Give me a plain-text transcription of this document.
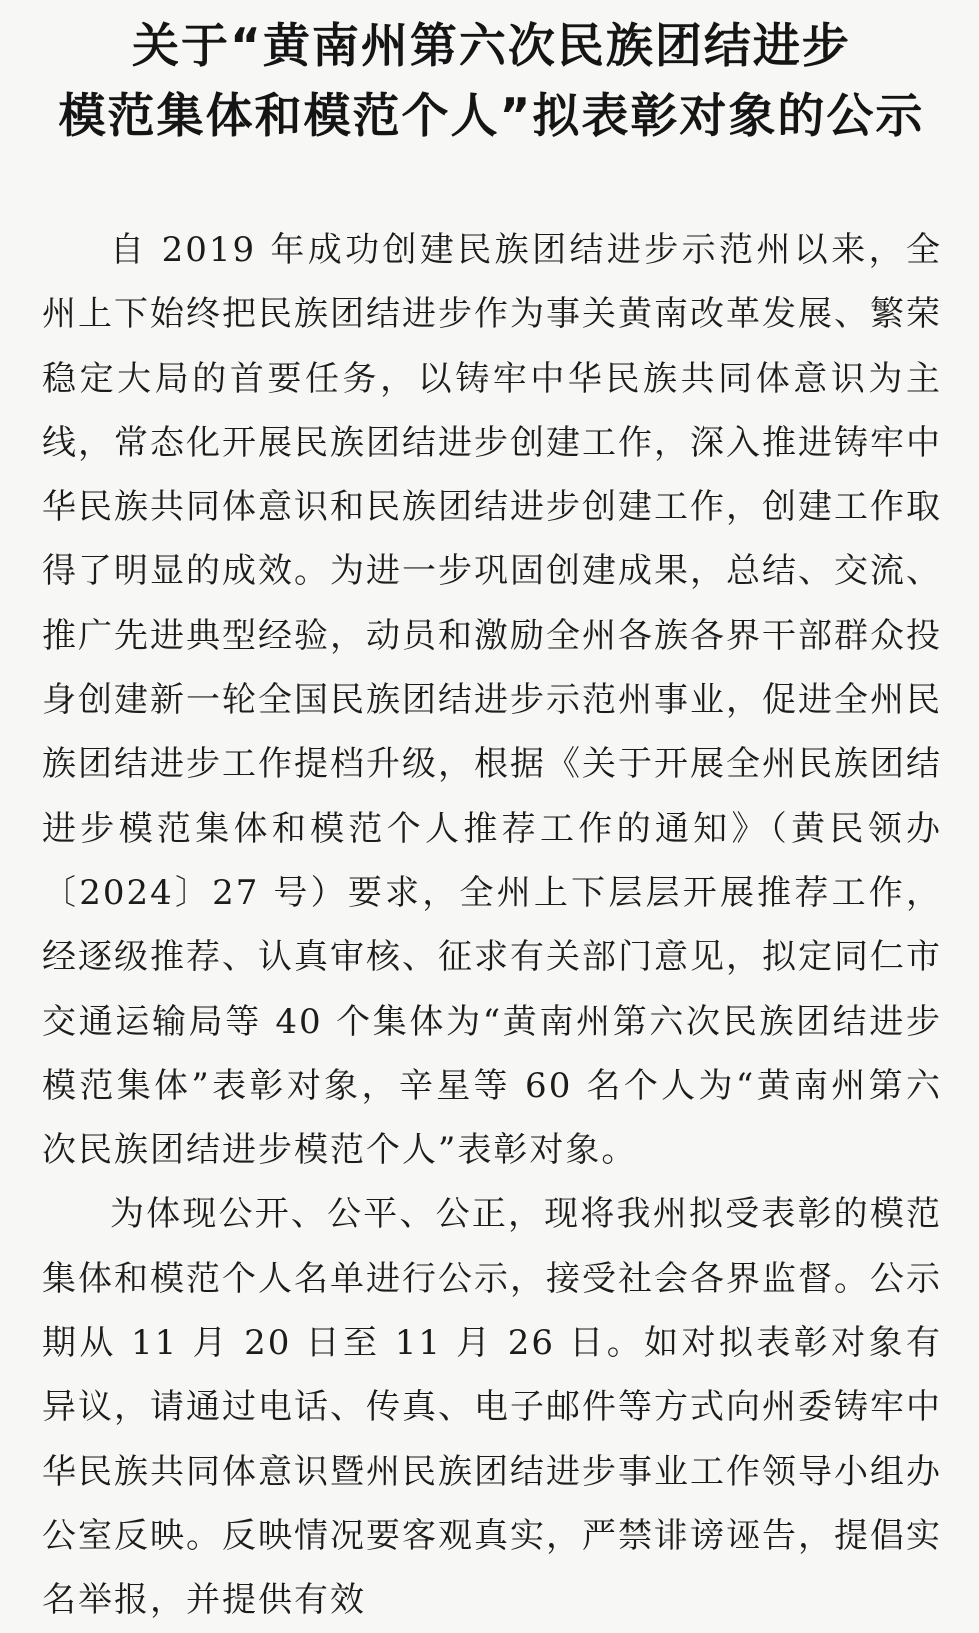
关于“黄南州第六次民族团结进步
模范集体和模范个人”拟表彰对象的公示

自 2019 年成功创建民族团结进步示范州以来，全州上下始终把民族团结进步作为事关黄南改革发展、繁荣稳定大局的首要任务，以铸牢中华民族共同体意识为主线，常态化开展民族团结进步创建工作，深入推进铸牢中华民族共同体意识和民族团结进步创建工作，创建工作取得了明显的成效。为进一步巩固创建成果，总结、交流、推广先进典型经验，动员和激励全州各族各界干部群众投身创建新一轮全国民族团结进步示范州事业，促进全州民族团结进步工作提档升级，根据《关于开展全州民族团结进步模范集体和模范个人推荐工作的通知》（黄民领办〔2024〕27 号）要求，全州上下层层开展推荐工作，经逐级推荐、认真审核、征求有关部门意见，拟定同仁市交通运输局等 40 个集体为“黄南州第六次民族团结进步模范集体”表彰对象，辛星等 60 名个人为“黄南州第六次民族团结进步模范个人”表彰对象。

为体现公开、公平、公正，现将我州拟受表彰的模范集体和模范个人名单进行公示，接受社会各界监督。公示期从 11 月 20 日至 11 月 26 日。如对拟表彰对象有异议，请通过电话、传真、电子邮件等方式向州委铸牢中华民族共同体意识暨州民族团结进步事业工作领导小组办公室反映。反映情况要客观真实，严禁诽谤诬告，提倡实名举报，并提供有效
